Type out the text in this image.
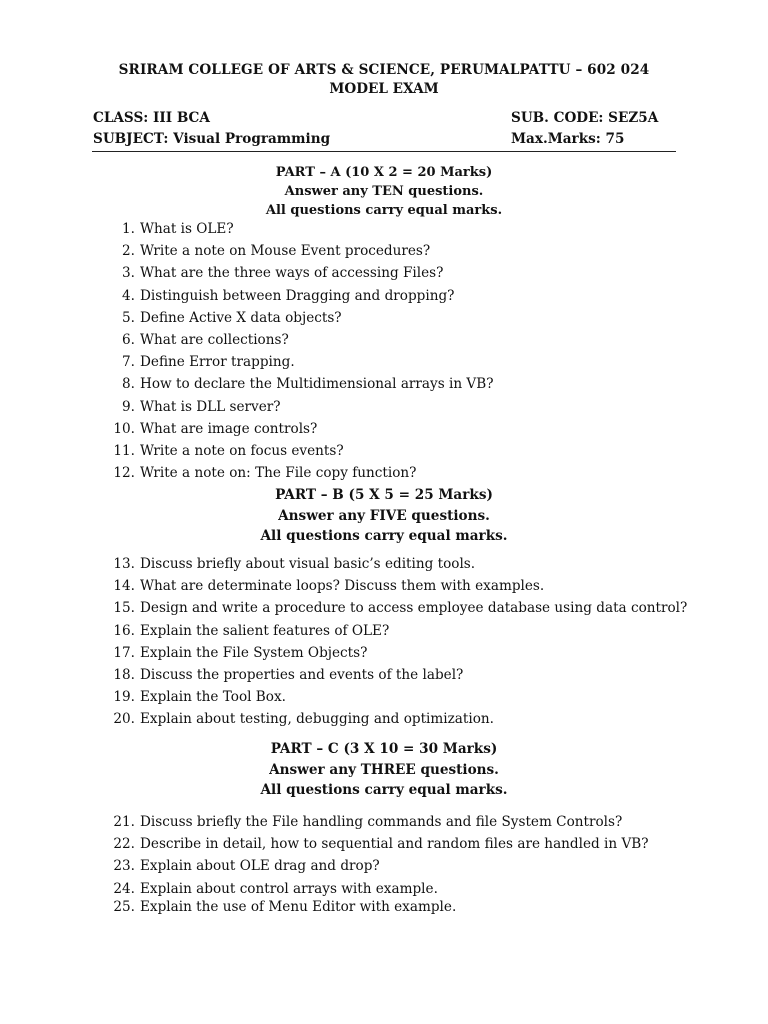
SRIRAM COLLEGE OF ARTS & SCIENCE, PERUMALPATTU – 602 024
MODEL EXAM
CLASS: III BCA	SUB. CODE: SEZ5A
SUBJECT: Visual Programming	Max.Marks: 75
PART – A (10 X 2 = 20 Marks)
Answer any TEN questions.
All questions carry equal marks.
1. What is OLE?
2. Write a note on Mouse Event procedures?
3. What are the three ways of accessing Files?
4. Distinguish between Dragging and dropping?
5. Define Active X data objects?
6. What are collections?
7. Define Error trapping.
8. How to declare the Multidimensional arrays in VB?
9. What is DLL server?
10. What are image controls?
11. Write a note on focus events?
12. Write a note on: The File copy function?
PART – B (5 X 5 = 25 Marks)
Answer any FIVE questions.
All questions carry equal marks.
13. Discuss briefly about visual basic’s editing tools.
14. What are determinate loops? Discuss them with examples.
15. Design and write a procedure to access employee database using data control?
16. Explain the salient features of OLE?
17. Explain the File System Objects?
18. Discuss the properties and events of the label?
19. Explain the Tool Box.
20. Explain about testing, debugging and optimization.
PART – C (3 X 10 = 30 Marks)
Answer any THREE questions.
All questions carry equal marks.
21. Discuss briefly the File handling commands and file System Controls?
22. Describe in detail, how to sequential and random files are handled in VB?
23. Explain about OLE drag and drop?
24. Explain about control arrays with example.
25. Explain the use of Menu Editor with example.
